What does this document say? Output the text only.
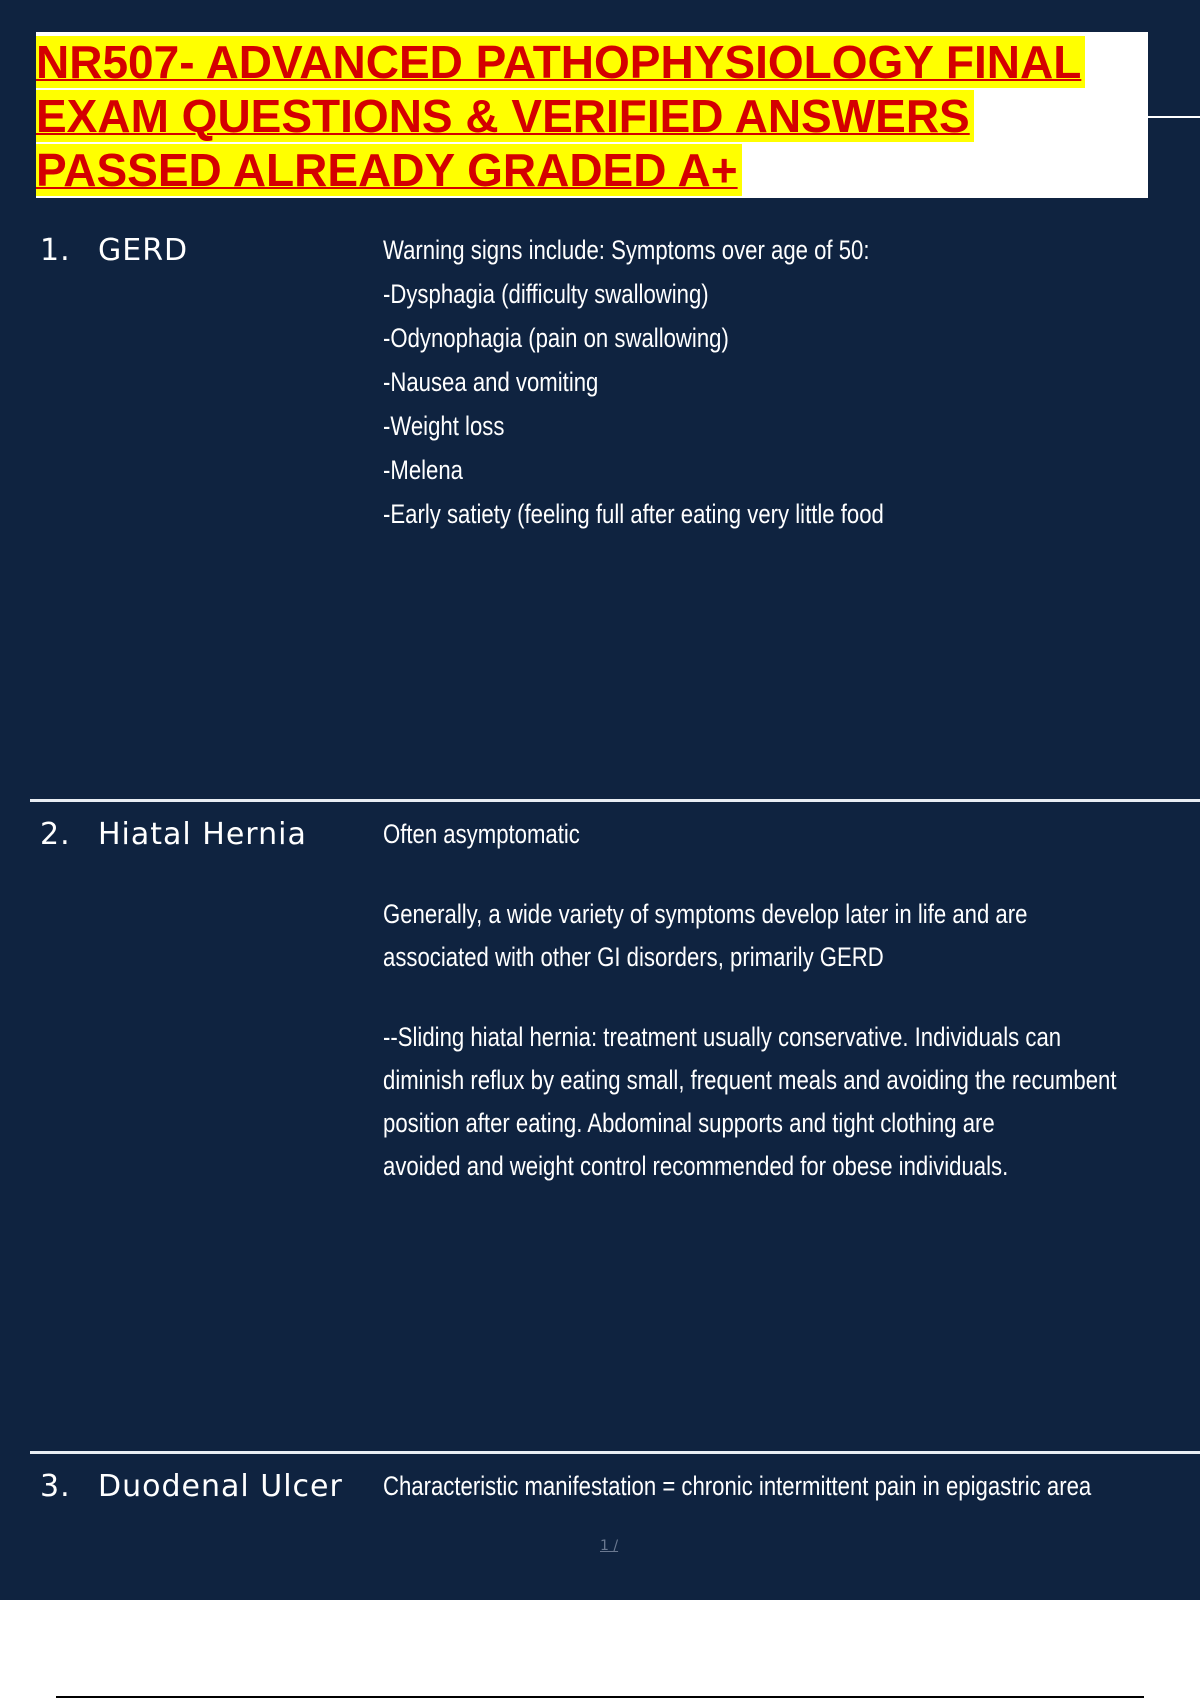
NR507- ADVANCED PATHOPHYSIOLOGY FINAL
EXAM QUESTIONS & VERIFIED ANSWERS
PASSED ALREADY GRADED A+
1. GERD	Warning signs include: Symptoms over age of 50:
-Dysphagia (difficulty swallowing)
-Odynophagia (pain on swallowing)
-Nausea and vomiting
-Weight loss
-Melena
-Early satiety (feeling full after eating very little food
2. Hiatal Hernia	Often asymptomatic
Generally, a wide variety of symptoms develop later in life and are
associated with other GI disorders, primarily GERD
--Sliding hiatal hernia: treatment usually conservative. Individuals can
diminish reflux by eating small, frequent meals and avoiding the recumbent
position after eating. Abdominal supports and tight clothing are
avoided and weight control recommended for obese individuals.
3. Duodenal Ulcer Characteristic manifestation = chronic intermittent pain in epigastric area
1 /
